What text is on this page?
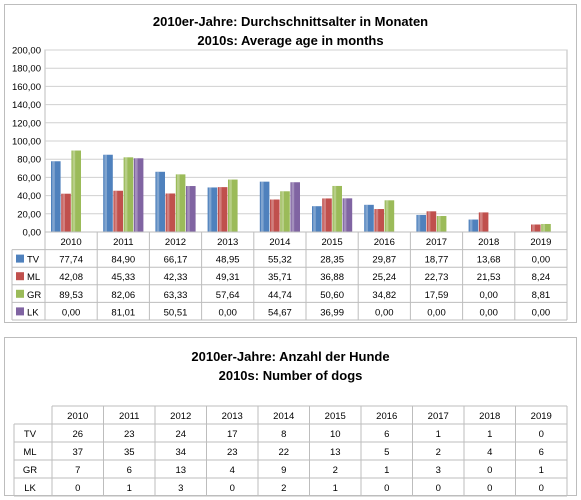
2010er-Jahre: Durchschnittsalter in Monaten
2010s: Average age in months
0,00
20,00
40,00
60,00
80,00
100,00
120,00
140,00
160,00
180,00
200,00
2010	2011	2012	2013	2014	2015	2016	2017	2018	2019
TV 77,74	84,90	66,17	48,95	55,32	28,35	29,87	18,77	13,68	0,00
ML 42,08	45,33	42,33	49,31	35,71	36,88	25,24	22,73	21,53	8,24
GR 89,53	82,06	63,33	57,64	44,74	50,60	34,82	17,59	0,00	8,81
LK 0,00	81,01	50,51	0,00	54,67	36,99	0,00	0,00	0,00	0,00
2010er-Jahre: Anzahl der Hunde
2010s: Number of dogs
2010	2011	2012	2013	2014	2015	2016	2017	2018	2019
TV	26	23	24	17	8	10	6	1	1	0
ML	37	35	34	23	22	13	5	2	4	6
GR	7	6	13	4	9	2	1	3	0	1
LK	0	1	3	0	2	1	0	0	0	0
